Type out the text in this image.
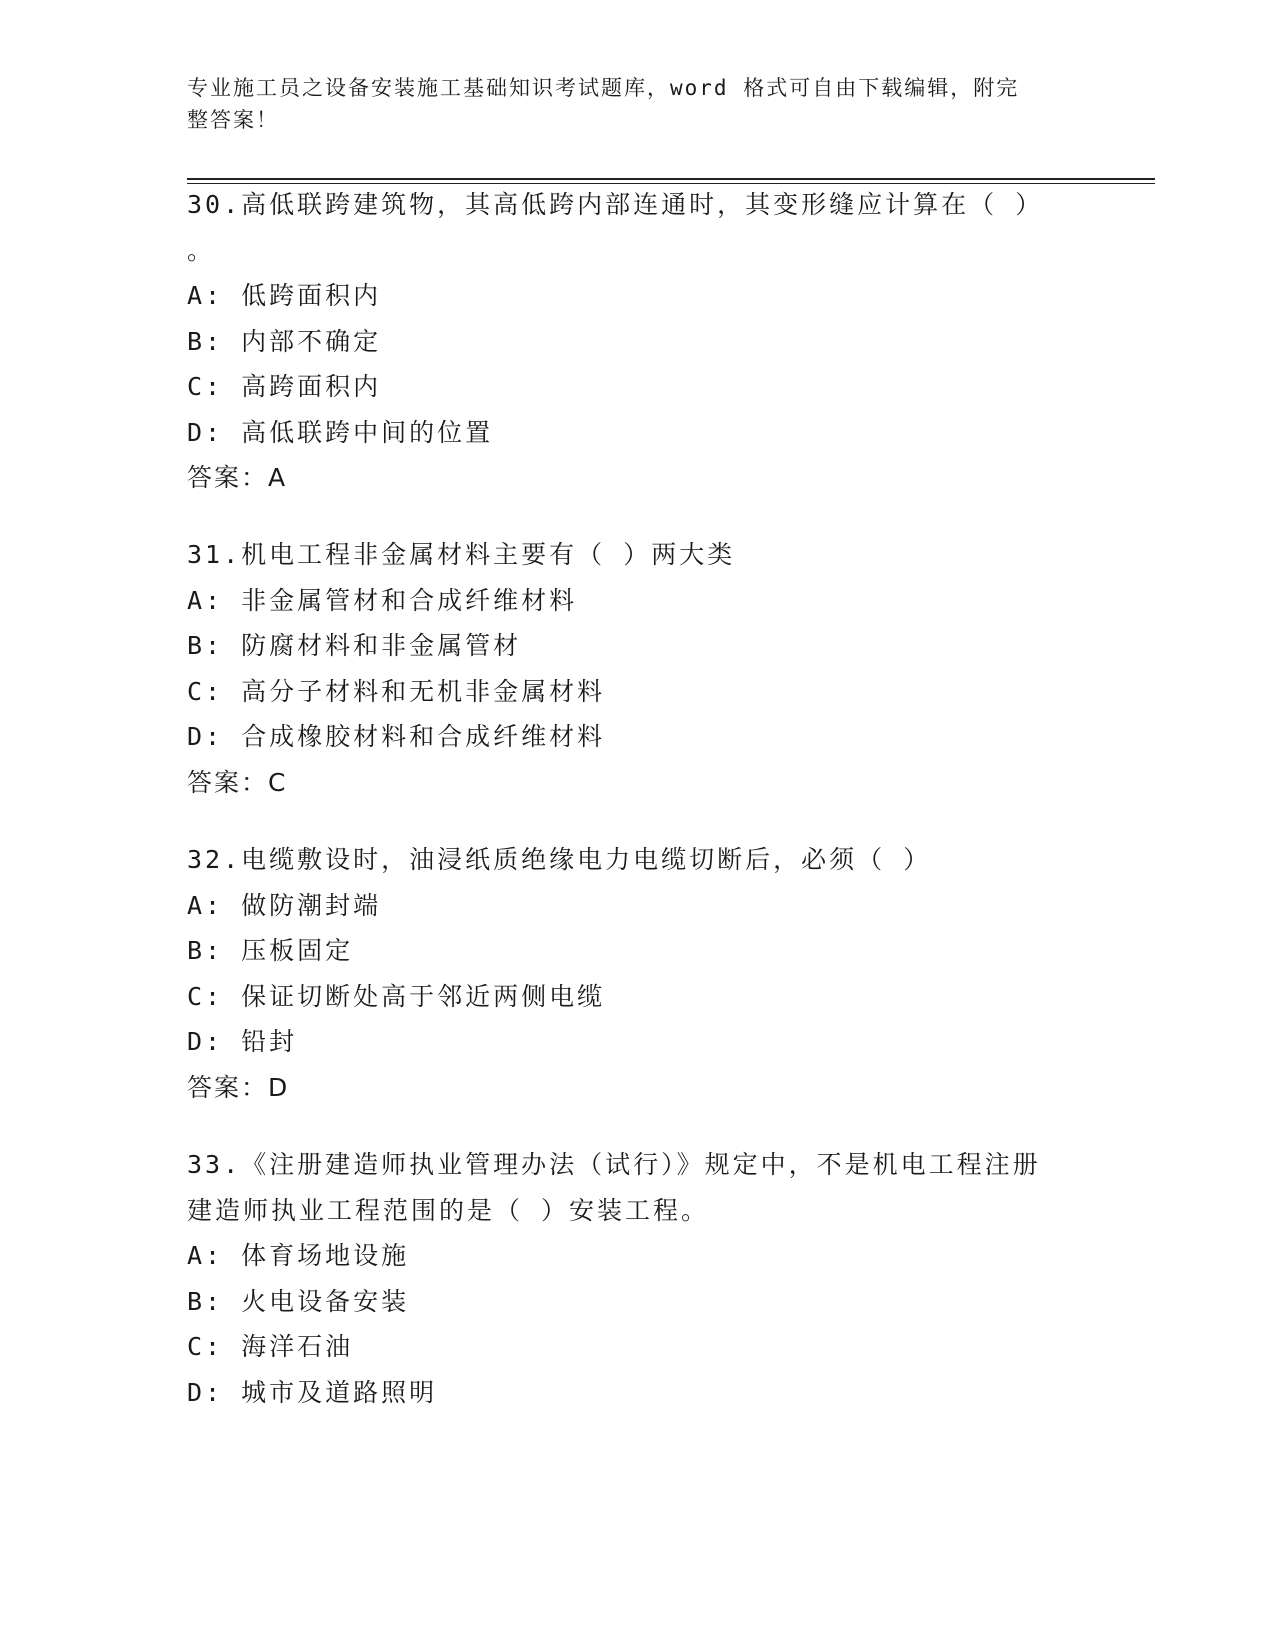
专业施工员之设备安装施工基础知识考试题库，word 格式可自由下载编辑，附完
整答案！
30.高低联跨建筑物，其高低跨内部连通时，其变形缝应计算在（ ）
。
A: 低跨面积内
B: 内部不确定
C: 高跨面积内
D: 高低联跨中间的位置
答案：A
31.机电工程非金属材料主要有（ ）两大类
A: 非金属管材和合成纤维材料
B: 防腐材料和非金属管材
C: 高分子材料和无机非金属材料
D: 合成橡胶材料和合成纤维材料
答案：C
32.电缆敷设时，油浸纸质绝缘电力电缆切断后，必须（ ）
A: 做防潮封端
B: 压板固定
C: 保证切断处高于邻近两侧电缆
D: 铅封
答案：D
33.《注册建造师执业管理办法（试行）》规定中，不是机电工程注册
建造师执业工程范围的是（ ）安装工程。
A: 体育场地设施
B: 火电设备安装
C: 海洋石油
D: 城市及道路照明
